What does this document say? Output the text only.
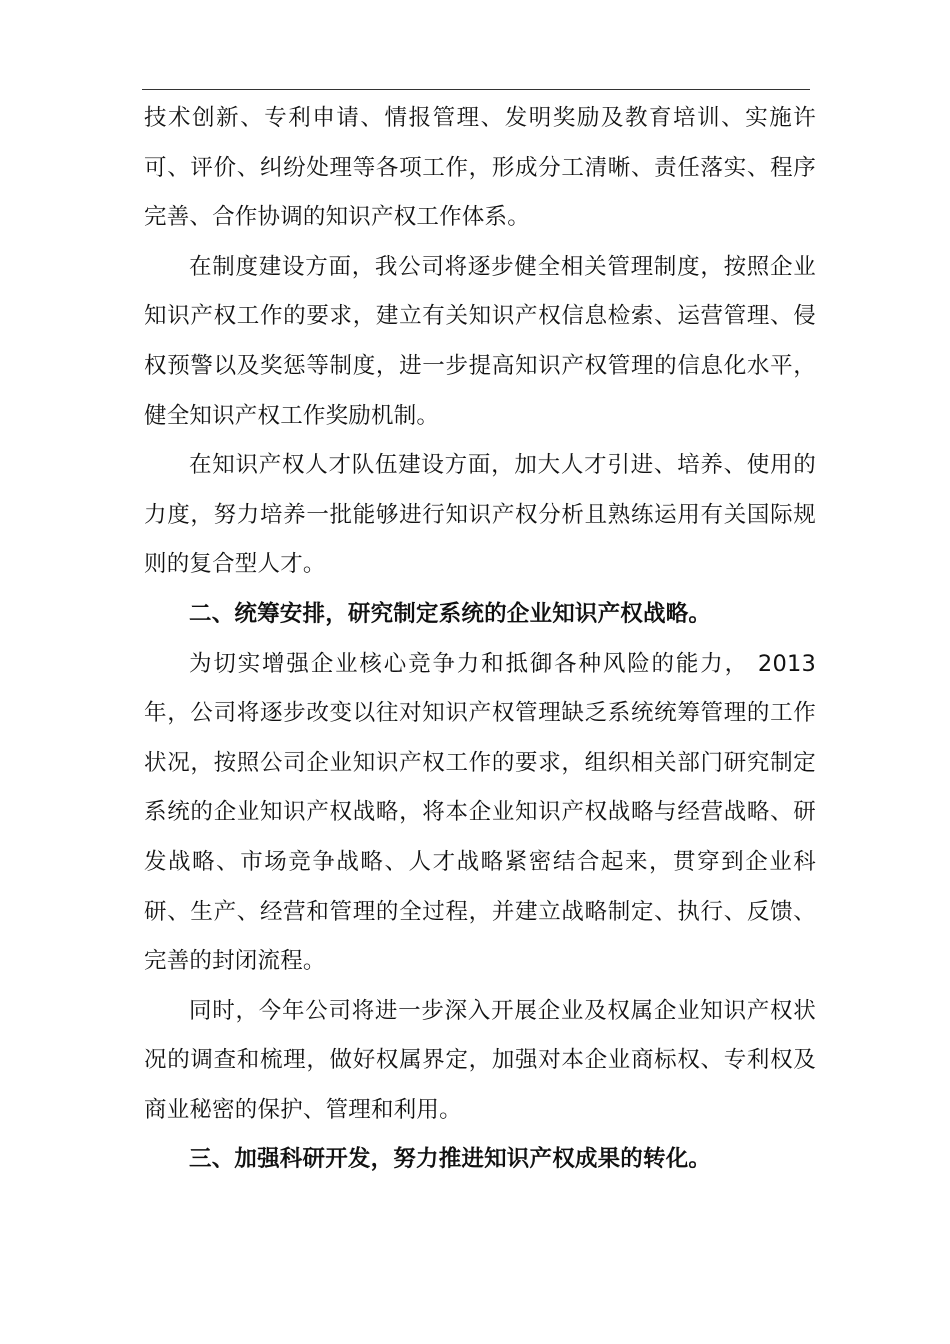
技术创新、专利申请、情报管理、发明奖励及教育培训、实施许可、评价、纠纷处理等各项工作，形成分工清晰、责任落实、程序完善、合作协调的知识产权工作体系。

在制度建设方面，我公司将逐步健全相关管理制度，按照企业知识产权工作的要求，建立有关知识产权信息检索、运营管理、侵权预警以及奖惩等制度，进一步提高知识产权管理的信息化水平，健全知识产权工作奖励机制。

在知识产权人才队伍建设方面，加大人才引进、培养、使用的力度，努力培养一批能够进行知识产权分析且熟练运用有关国际规则的复合型人才。

二、统筹安排，研究制定系统的企业知识产权战略。

为切实增强企业核心竞争力和抵御各种风险的能力， 2013年，公司将逐步改变以往对知识产权管理缺乏系统统筹管理的工作状况，按照公司企业知识产权工作的要求，组织相关部门研究制定系统的企业知识产权战略，将本企业知识产权战略与经营战略、研发战略、市场竞争战略、人才战略紧密结合起来，贯穿到企业科研、生产、经营和管理的全过程，并建立战略制定、执行、反馈、完善的封闭流程。

同时，今年公司将进一步深入开展企业及权属企业知识产权状况的调查和梳理，做好权属界定，加强对本企业商标权、专利权及商业秘密的保护、管理和利用。

三、加强科研开发，努力推进知识产权成果的转化。
